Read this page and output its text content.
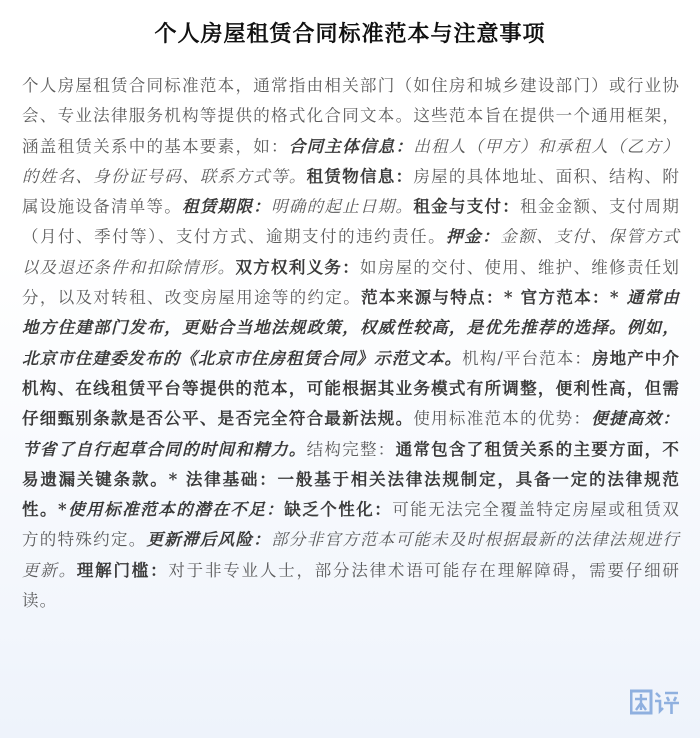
个人房屋租赁合同标准范本与注意事项
个人房屋租赁合同标准范本，通常指由相关部门（如住房和城乡建设部门）或行业协会、专业法律服务机构等提供的格式化合同文本。这些范本旨在提供一个通用框架，涵盖租赁关系中的基本要素，如：合同主体信息：出租人（甲方）和承租人（乙方）的姓名、身份证号码、联系方式等。租赁物信息：房屋的具体地址、面积、结构、附属设施设备清单等。租赁期限：明确的起止日期。租金与支付：租金金额、支付周期（月付、季付等）、支付方式、逾期支付的违约责任。押金：金额、支付、保管方式以及退还条件和扣除情形。双方权利义务：如房屋的交付、使用、维护、维修责任划分，以及对转租、改变房屋用途等的约定。范本来源与特点：* 官方范本：* 通常由地方住建部门发布，更贴合当地法规政策，权威性较高，是优先推荐的选择。例如，北京市住建委发布的《北京市住房租赁合同》示范文本。机构/平台范本：房地产中介机构、在线租赁平台等提供的范本，可能根据其业务模式有所调整，便利性高，但需仔细甄别条款是否公平、是否完全符合最新法规。使用标准范本的优势：便捷高效：节省了自行起草合同的时间和精力。结构完整：通常包含了租赁关系的主要方面，不易遗漏关键条款。* 法律基础：一般基于相关法律法规制定，具备一定的法律规范性。*使用标准范本的潜在不足：缺乏个性化：可能无法完全覆盖特定房屋或租赁双方的特殊约定。更新滞后风险：部分非官方范本可能未及时根据最新的法律法规进行更新。理解门槛：对于非专业人士，部分法律术语可能存在理解障碍，需要仔细研读。
